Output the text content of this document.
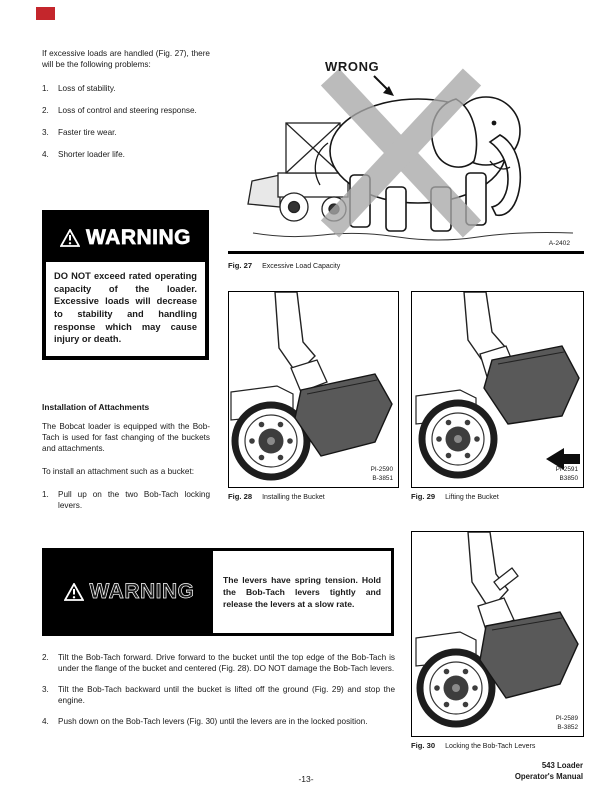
If excessive loads are handled (Fig. 27), there will be the following problems:

1.	Loss of stability.
2.	Loss of control and steering response.
3.	Faster tire wear.
4.	Shorter loader life.
WARNING
DO NOT exceed rated operating capacity of the loader. Excessive loads will decrease to stability and handling response which may cause injury or death.
Installation of Attachments

The Bobcat loader is equipped with the Bob-Tach is used for fast changing of the buckets and attachments.

To install an attachment such as a bucket:

1.	Pull up on the two Bob-Tach locking levers.
WRONG
A-2402
Fig. 27 Excessive Load Capacity
PI-2590
B-3851
Fig. 28 Installing the Bucket
PI-2591
B3850
Fig. 29 Lifting the Bucket
WARNING
The levers have spring tension. Hold the Bob-Tach levers tightly and release the levers at a slow rate.
2.	Tilt the Bob-Tach forward. Drive forward to the bucket until the top edge of the Bob-Tach is under the flange of the bucket and centered (Fig. 28). DO NOT damage the Bob-Tach levers.
3.	Tilt the Bob-Tach backward until the bucket is lifted off the ground (Fig. 29) and stop the engine.
4.	Push down on the Bob-Tach levers (Fig. 30) until the levers are in the locked position.	PI-2589
B-3852
Fig. 30 Locking the Bob-Tach Levers
-13-
543 Loader
Operator's Manual
